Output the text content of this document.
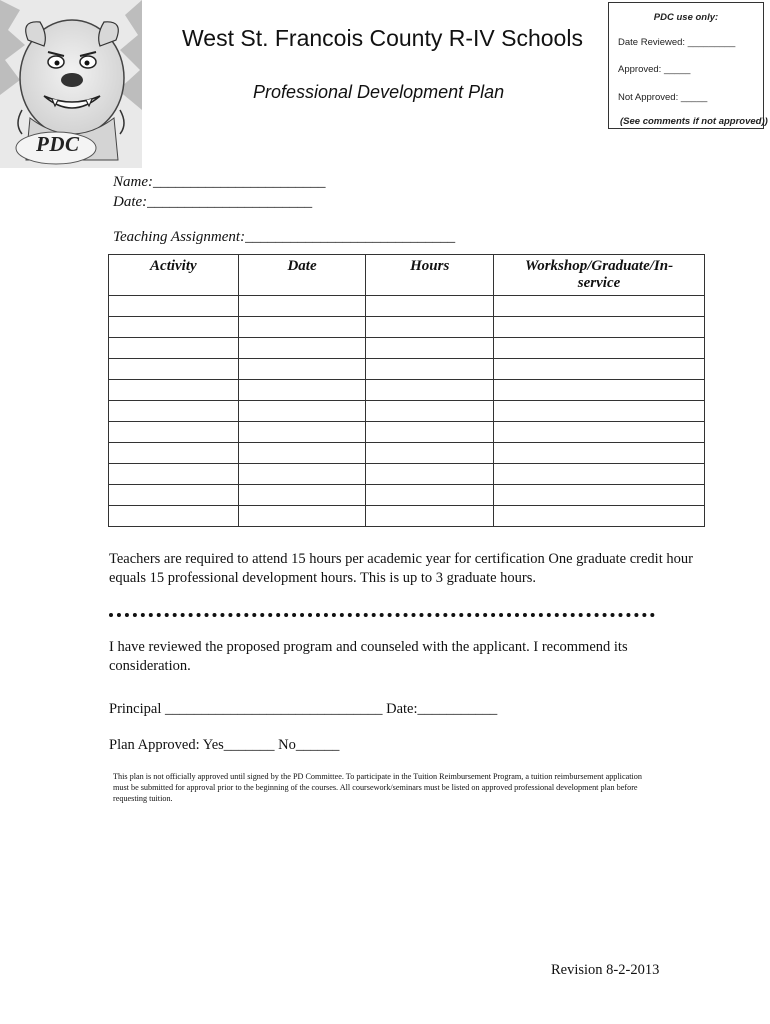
PDC
West St. Francois County R-IV Schools
Professional Development Plan
PDC use only:
Date Reviewed: _________
Approved: _____
Not Approved: _____
(See comments if not approved))
Name:_______________________
Date:______________________
Teaching Assignment:____________________________
Activity	Date	Hours	Workshop/Graduate/In-service

Teachers are required to attend 15 hours per academic year for certification One graduate credit hour equals 15 professional development hours. This is up to 3 graduate hours.
I have reviewed the proposed program and counseled with the applicant. I recommend its consideration.
Principal ______________________________ Date:___________
Plan Approved: Yes_______ No______
This plan is not officially approved until signed by the PD Committee. To participate in the Tuition Reimbursement Program, a tuition reimbursement application must be submitted for approval prior to the beginning of the courses. All coursework/seminars must be listed on approved professional development plan before requesting tuition.
Revision 8-2-2013
